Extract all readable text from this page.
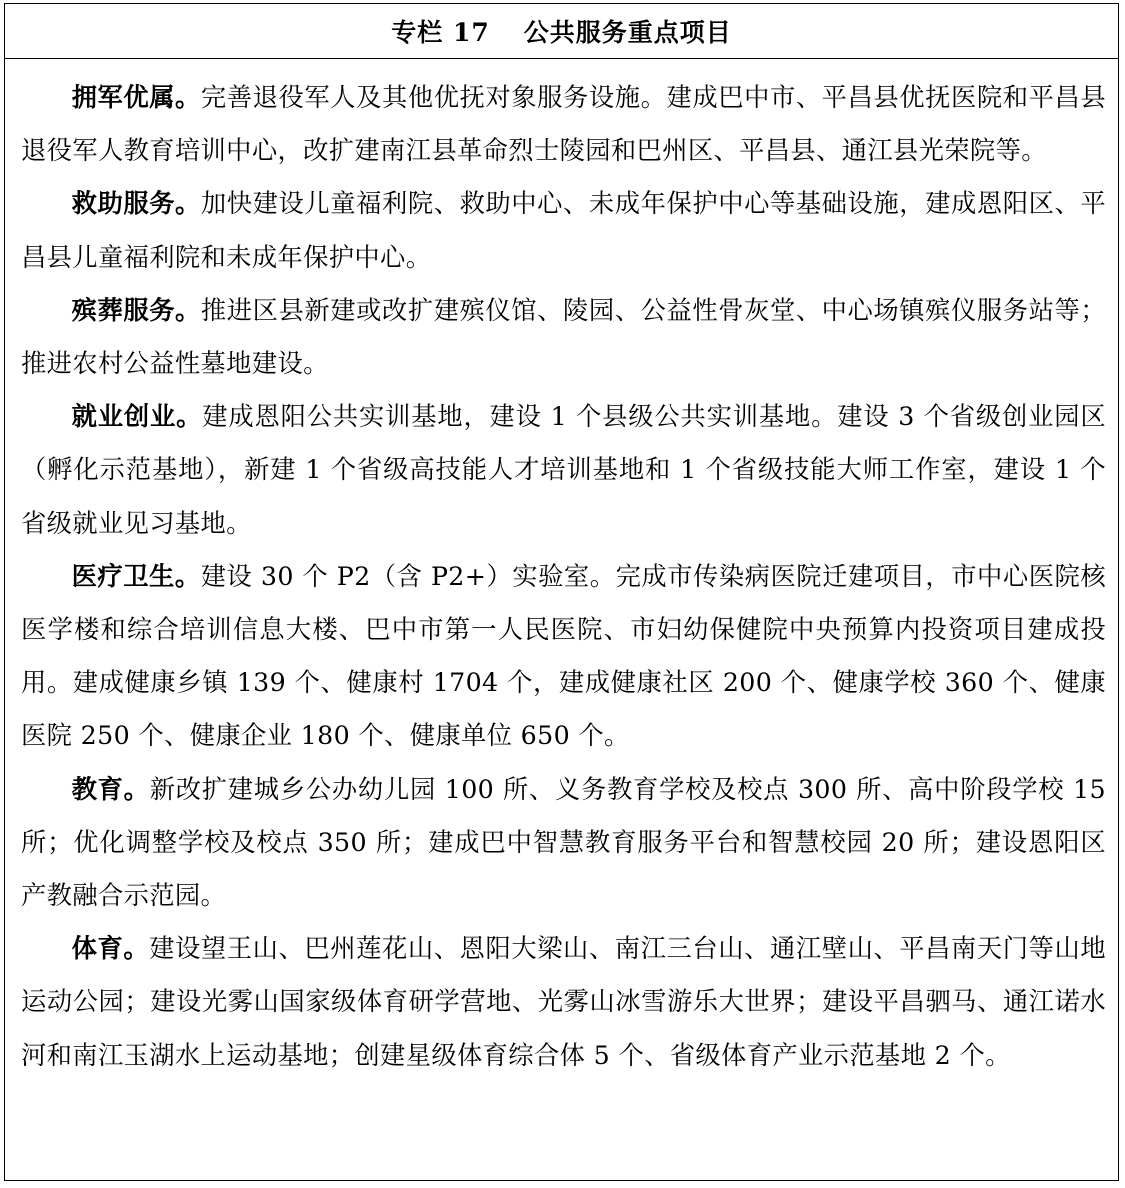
专栏 17 公共服务重点项目

拥军优属。完善退役军人及其他优抚对象服务设施。建成巴中市、平昌县优抚医院和平昌县退役军人教育培训中心，改扩建南江县革命烈士陵园和巴州区、平昌县、通江县光荣院等。

救助服务。加快建设儿童福利院、救助中心、未成年保护中心等基础设施，建成恩阳区、平昌县儿童福利院和未成年保护中心。

殡葬服务。推进区县新建或改扩建殡仪馆、陵园、公益性骨灰堂、中心场镇殡仪服务站等；推进农村公益性墓地建设。

就业创业。建成恩阳公共实训基地，建设 1 个县级公共实训基地。建设 3 个省级创业园区（孵化示范基地），新建 1 个省级高技能人才培训基地和 1 个省级技能大师工作室，建设 1 个省级就业见习基地。

医疗卫生。建设 30 个 P2（含 P2+）实验室。完成市传染病医院迁建项目，市中心医院核医学楼和综合培训信息大楼、巴中市第一人民医院、市妇幼保健院中央预算内投资项目建成投用。建成健康乡镇 139 个、健康村 1704 个，建成健康社区 200 个、健康学校 360 个、健康医院 250 个、健康企业 180 个、健康单位 650 个。

教育。新改扩建城乡公办幼儿园 100 所、义务教育学校及校点 300 所、高中阶段学校 15 所；优化调整学校及校点 350 所；建成巴中智慧教育服务平台和智慧校园 20 所；建设恩阳区产教融合示范园。

体育。建设望王山、巴州莲花山、恩阳大梁山、南江三台山、通江壁山、平昌南天门等山地运动公园；建设光雾山国家级体育研学营地、光雾山冰雪游乐大世界；建设平昌驷马、通江诺水河和南江玉湖水上运动基地；创建星级体育综合体 5 个、省级体育产业示范基地 2 个。
